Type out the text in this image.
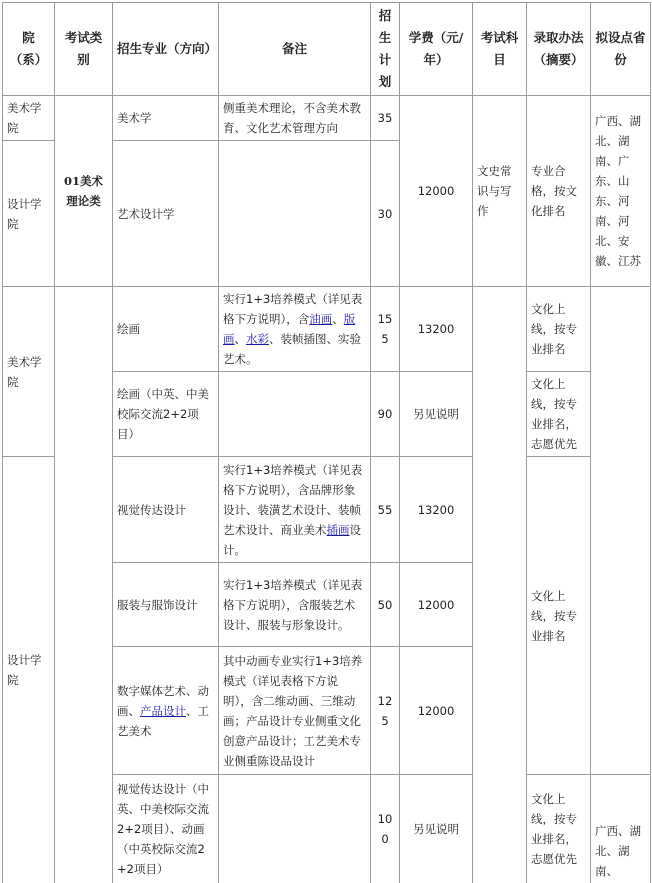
院（系）	考试类别	招生专业（方向）	备注	招生计划	学费（元/年）	考试科目	录取办法（摘要）	拟设点省份
美术学院	01美术理论类	美术学	侧重美术理论，不含美术教育、文化艺术管理方向	35	12000	文史常识与写作	专业合格，按文化排名	广西、湖北、湖南、广东、山东、河南、河北、安徽、江苏
设计学院		艺术设计学		30				
美术学院		绘画	实行1+3培养模式（详见表格下方说明），含油画、版画、水彩、装帧插图、实验艺术。	155	13200		文化上线，按专业排名	
		绘画（中英、中美校际交流2+2项目）		90	另见说明		文化上线，按专业排名，志愿优先	
设计学院		视觉传达设计	实行1+3培养模式（详见表格下方说明），含品牌形象设计、装潢艺术设计、装帧艺术设计、商业美术插画设计。	55	13200		文化上线，按专业排名	
		服装与服饰设计	实行1+3培养模式（详见表格下方说明），含服装艺术设计、服装与形象设计。	50	12000			
		数字媒体艺术、动画、产品设计、工艺美术	其中动画专业实行1+3培养模式（详见表格下方说明），含二维动画、三维动画；产品设计专业侧重文化创意产品设计；工艺美术专业侧重陈设品设计	125	12000			
		视觉传达设计（中英、中美校际交流2+2项目）、动画（中英校际交流2+2项目）		100	另见说明		文化上线，按专业排名，志愿优先	广西、湖北、湖南、
